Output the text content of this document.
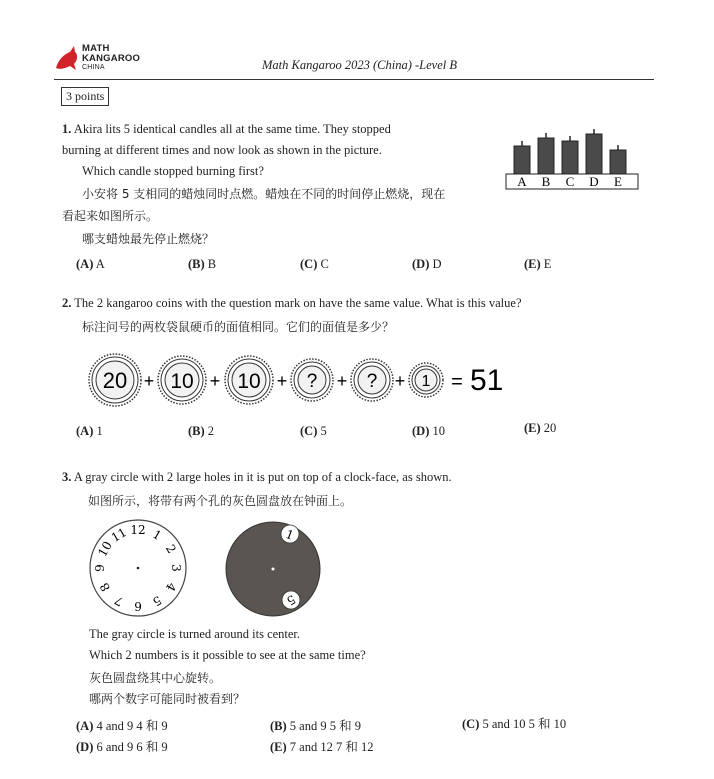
MATH
KANGAROO
CHINA	Math Kangaroo 2023 (China) -Level B
3 points
1. Akira lits 5 identical candles all at the same time. They stopped
burning at different times and now look as shown in the picture.
Which candle stopped burning first?
小安将 5 支相同的蜡烛同时点燃。蜡烛在不同的时间停止燃烧，现在
看起来如图所示。
哪支蜡烛最先停止燃烧？
A B C D E
(A) A	(B) B	(C) C	(D) D	(E) E
2. The 2 kangaroo coins with the question mark on have the same value. What is this value?
标注问号的两枚袋鼠硬币的面值相同。它们的面值是多少？
20 + 10 + 10 + ? + ? + 1 = 51
(A) 1	(B) 2	(C) 5	(D) 10	(E) 20
3. A gray circle with 2 large holes in it is put on top of a clock-face, as shown.
如图所示，将带有两个孔的灰色圆盘放在钟面上。
12 1
2
3
4
5
6
7
8
9
10
11	1
5
The gray circle is turned around its center.
Which 2 numbers is it possible to see at the same time?
灰色圆盘绕其中心旋转。
哪两个数字可能同时被看到？
(A) 4 and 9 4 和 9	(B) 5 and 9 5 和 9	(C) 5 and 10 5 和 10
(D) 6 and 9 6 和 9	(E) 7 and 12 7 和 12
